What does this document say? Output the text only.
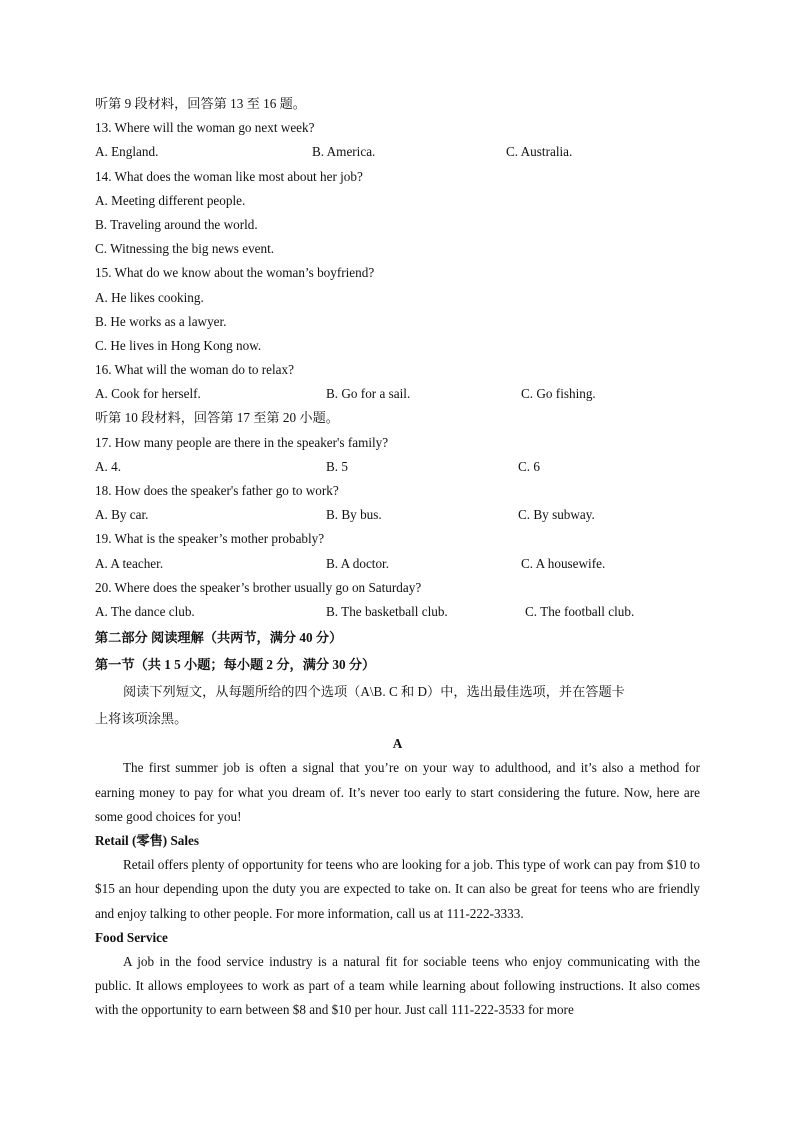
听第 9 段材料，回答第 13 至 16 题。
13. Where will the woman go next week?
A. England.	B. America.	C. Australia.
14. What does the woman like most about her job?
A. Meeting different people.
B. Traveling around the world.
C. Witnessing the big news event.
15. What do we know about the woman’s boyfriend?
A. He likes cooking.
B. He works as a lawyer.
C. He lives in Hong Kong now.
16. What will the woman do to relax?
A. Cook for herself.	B. Go for a sail.	C. Go fishing.
听第 10 段材料，回答第 17 至第 20 小题。
17. How many people are there in the speaker's family?
A. 4.	B. 5	C. 6
18. How does the speaker's father go to work?
A. By car.	B. By bus.	C. By subway.
19. What is the speaker’s mother probably?
A. A teacher.	B. A doctor.	C. A housewife.
20. Where does the speaker’s brother usually go on Saturday?
A. The dance club.	B. The basketball club.	C. The football club.
第二部分 阅读理解（共两节，满分 40 分）
第一节（共 1 5 小题；每小题 2 分，满分 30 分）

阅读下列短文，从每题所给的四个选项（A\B. C 和 D）中，选出最佳选项，并在答题卡

上将该项涂黑。

A

The first summer job is often a signal that you’re on your way to adulthood, and it’s also a method for earning money to pay for what you dream of. It’s never too early to start considering the future. Now, here are some good choices for you!

Retail (零售) Sales

Retail offers plenty of opportunity for teens who are looking for a job. This type of work can pay from $10 to $15 an hour depending upon the duty you are expected to take on. It can also be great for teens who are friendly and enjoy talking to other people. For more information, call us at 111-222-3333.

Food Service

A job in the food service industry is a natural fit for sociable teens who enjoy communicating with the public. It allows employees to work as part of a team while learning about following instructions. It also comes with the opportunity to earn between $8 and $10 per hour. Just call 111-222-3533 for more
